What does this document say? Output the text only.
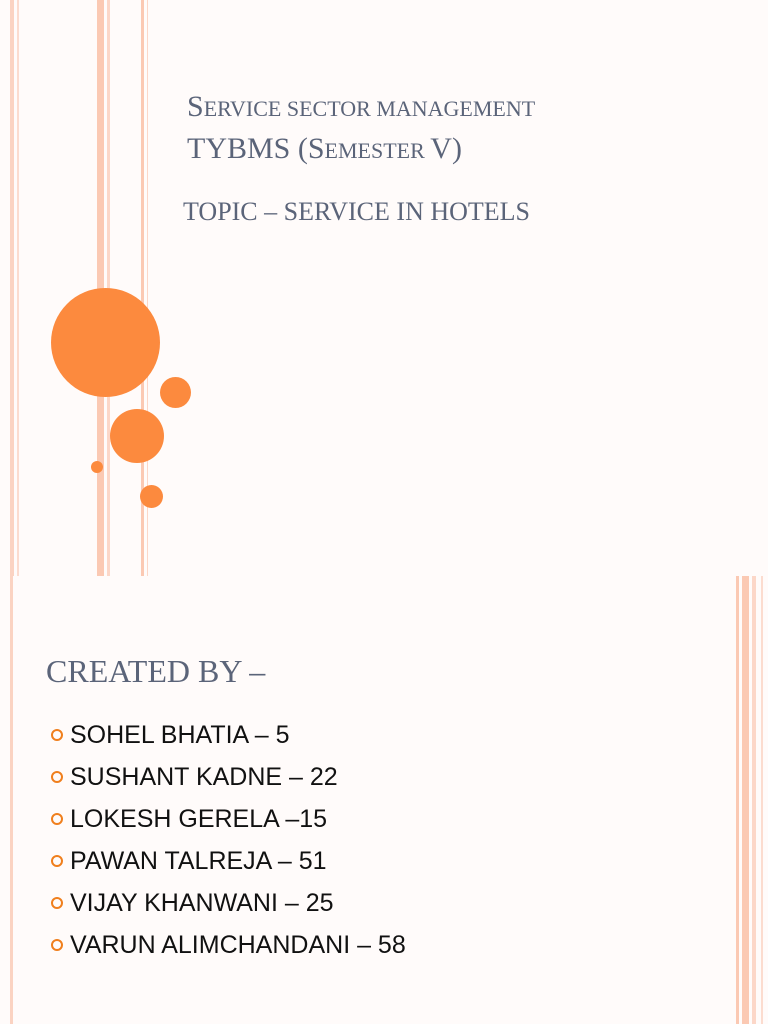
SERVICE SECTOR MANAGEMENT
TYBMS (SEMESTER V)
TOPIC – SERVICE IN HOTELS
CREATED BY –
SOHEL BHATIA – 5
SUSHANT KADNE – 22
LOKESH GERELA –15
PAWAN TALREJA – 51
VIJAY KHANWANI – 25
VARUN ALIMCHANDANI – 58
